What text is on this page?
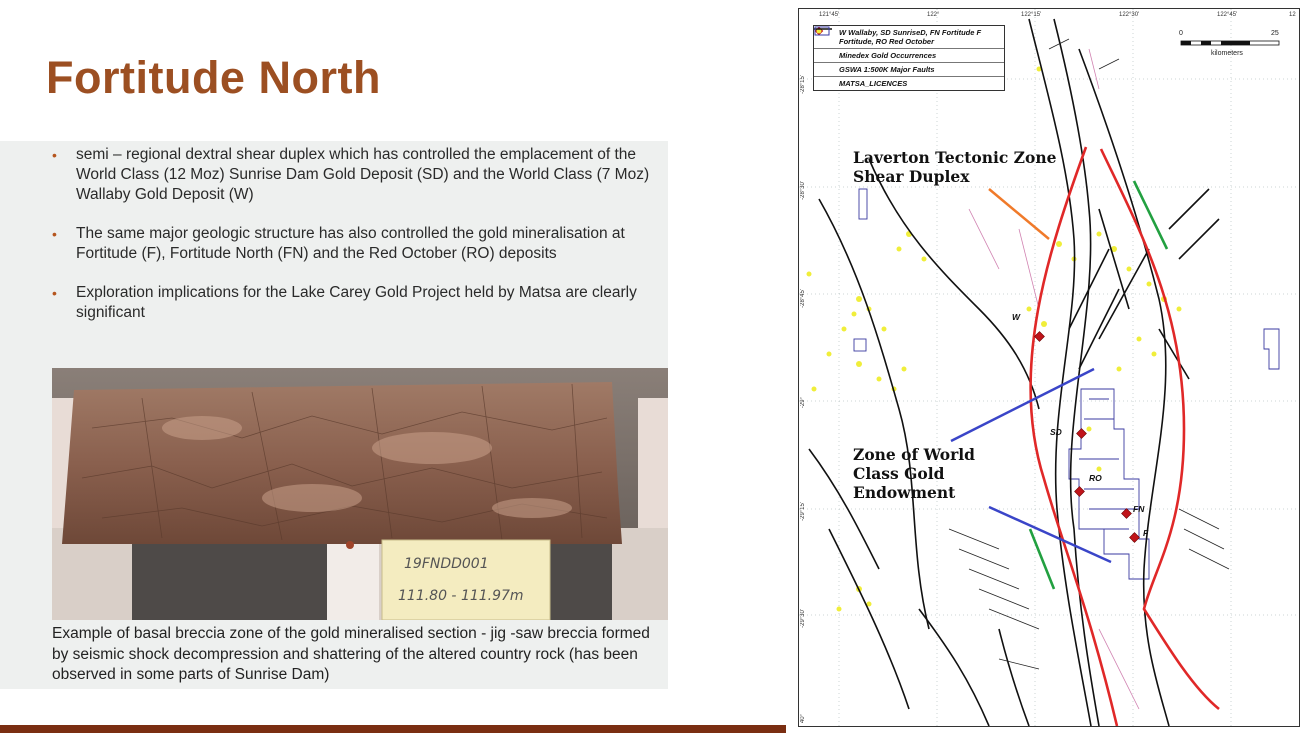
Fortitude North
• semi – regional dextral shear duplex which has controlled the emplacement of the World Class (12 Moz) Sunrise Dam Gold Deposit (SD) and the World Class (7 Moz) Wallaby Gold Deposit (W)
• The same major geologic structure has also controlled the gold mineralisation at Fortitude (F), Fortitude North (FN) and the Red October (RO) deposits
• Exploration implications for the Lake Carey Gold Project held by Matsa are clearly significant
19FNDD001
111.80 - 111.97m
Example of basal breccia zone of the gold mineralised section - jig -saw breccia formed by seismic shock decompression and shattering of the altered country rock (has been observed in some parts of Sunrise Dam)
121°45'	122°	122°15'	122°30'	122°45'	12
-28°15'
-28°30'
-28°45'
-29°
-29°15'
-29°30'
40°
W Wallaby, SD SunriseD, FN Fortitude F Fortitude, RO Red October
Minedex Gold Occurrences
GSWA 1:500K Major Faults
MATSA_LICENCES
0	25
kilometers
Laverton Tectonic Zone
Shear Duplex
Zone of World
Class Gold
Endowment
W
SD
RO
FN
F
